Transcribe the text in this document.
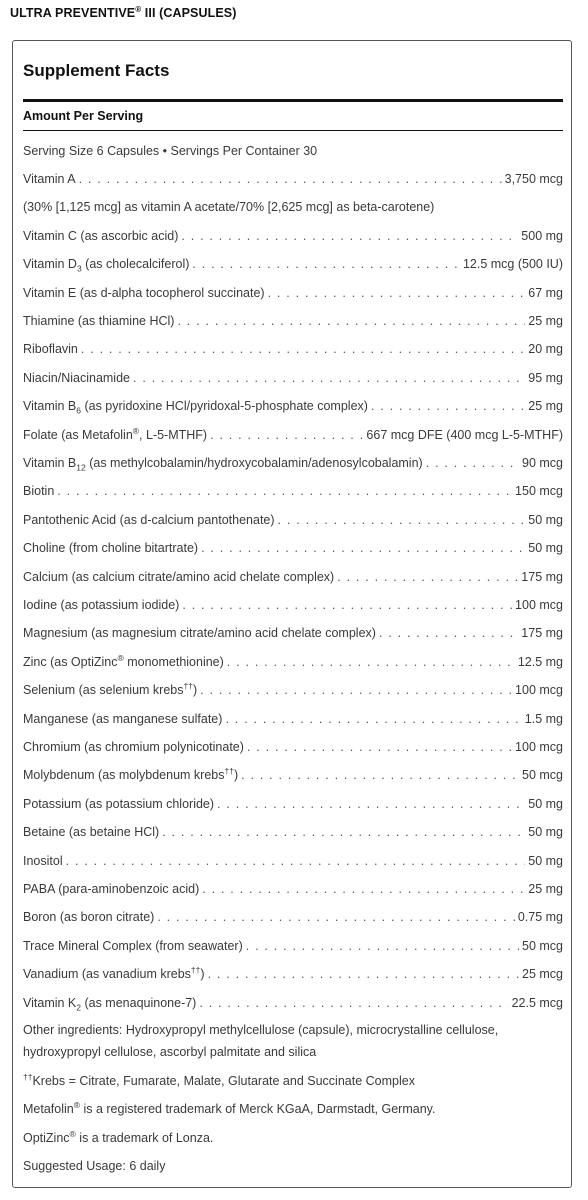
ULTRA PREVENTIVE® III (CAPSULES)
Supplement Facts
Amount Per Serving
Serving Size 6 Capsules • Servings Per Container 30
Vitamin A . . .	3,750 mcg
(30% [1,125 mcg] as vitamin A acetate/70% [2,625 mcg] as beta-carotene)
Vitamin C (as ascorbic acid) . . .	500 mg
Vitamin $D_3$ (as cholecalciferol) . . .	12.5 mcg (500 IU)
Vitamin E (as d-alpha tocopherol succinate) . . .	67 mg
Thiamine (as thiamine HCl) . . .	25 mg
Riboflavin . . .	20 mg
Niacin/Niacinamide . . .	95 mg
Vitamin $B_6$ (as pyridoxine HCl/pyridoxal-5-phosphate complex) . . .	25 mg
Folate (as Metafolin®, L-5-MTHF) . . .	667 mcg DFE (400 mcg L-5-MTHF)
Vitamin $B_{12}$ (as methylcobalamin/hydroxycobalamin/adenosylcobalamin) . . .	90 mcg
Biotin . . .	150 mcg
Pantothenic Acid (as d-calcium pantothenate) . . .	50 mg
Choline (from choline bitartrate) . . .	50 mg
Calcium (as calcium citrate/amino acid chelate complex) . . .	175 mg
Iodine (as potassium iodide) . . .	100 mcg
Magnesium (as magnesium citrate/amino acid chelate complex) . . .	175 mg
Zinc (as OptiZinc® monomethionine) . . .	12.5 mg
Selenium (as selenium krebs††) . . .	100 mcg
Manganese (as manganese sulfate) . . .	1.5 mg
Chromium (as chromium polynicotinate) . . .	100 mcg
Molybdenum (as molybdenum krebs††) . . .	50 mcg
Potassium (as potassium chloride) . . .	50 mg
Betaine (as betaine HCl) . . .	50 mg
Inositol . . .	50 mg
PABA (para-aminobenzoic acid) . . .	25 mg
Boron (as boron citrate) . . .	0.75 mg
Trace Mineral Complex (from seawater) . . .	50 mcg
Vanadium (as vanadium krebs††) . . .	25 mcg
Vitamin $K_2$ (as menaquinone-7) . . .	22.5 mcg
Other ingredients: Hydroxypropyl methylcellulose (capsule), microcrystalline cellulose,
hydroxypropyl cellulose, ascorbyl palmitate and silica
††Krebs = Citrate, Fumarate, Malate, Glutarate and Succinate Complex
Metafolin® is a registered trademark of Merck KGaA, Darmstadt, Germany.
OptiZinc® is a trademark of Lonza.
Suggested Usage: 6 daily
